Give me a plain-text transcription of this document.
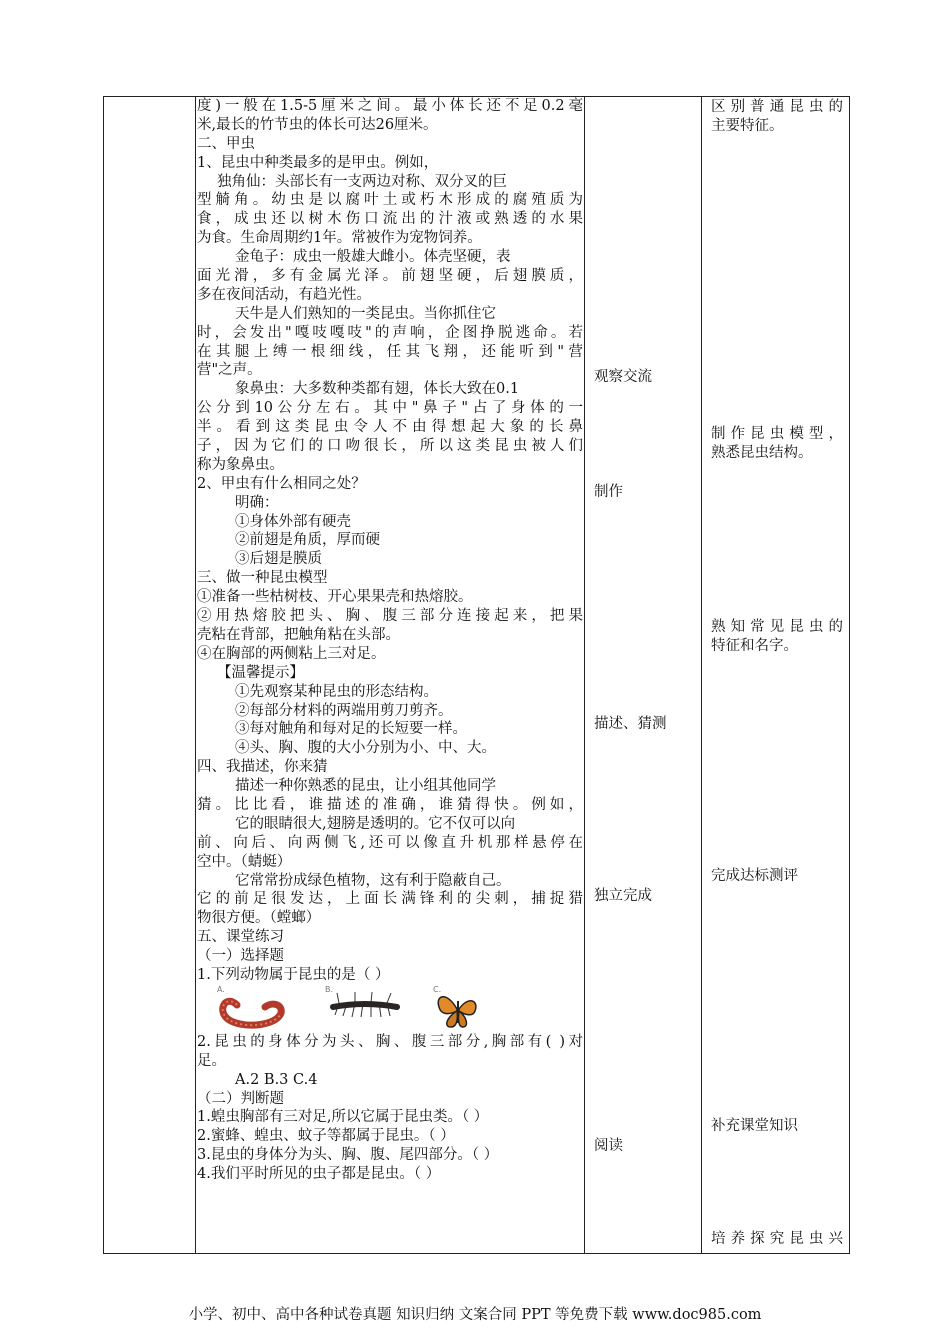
度)一般在1.5-5厘米之间。最小体长还不足0.2毫
米,最长的竹节虫的体长可达26厘米。
二、甲虫
1、昆虫中种类最多的是甲虫。例如，
独角仙：头部长有一支两边对称、双分叉的巨
型觭角。幼虫是以腐叶土或朽木形成的腐殖质为
食，成虫还以树木伤口流出的汁液或熟透的水果
为食。生命周期约1年。常被作为宠物饲养。
金龟子：成虫一般雄大雌小。体壳坚硬，表
面光滑，多有金属光泽。前翅坚硬，后翅膜质，
多在夜间活动，有趋光性。
天牛是人们熟知的一类昆虫。当你抓住它
时，会发出"嘎吱嘎吱"的声响，企图挣脱逃命。若
在其腿上缚一根细线，任其飞翔，还能听到"营
营"之声。
象鼻虫：大多数种类都有翅，体长大致在0.1
公分到10公分左右。其中"鼻子"占了身体的一
半。看到这类昆虫令人不由得想起大象的长鼻
子，因为它们的口吻很长，所以这类昆虫被人们
称为象鼻虫。
2、甲虫有什么相同之处？
明确：
①身体外部有硬壳
②前翅是角质，厚而硬
③后翅是膜质
三、做一种昆虫模型
①准备一些枯树枝、开心果果壳和热熔胶。
②用热熔胶把头、胸、腹三部分连接起来，把果
壳粘在背部，把触角粘在头部。
④在胸部的两侧粘上三对足。
【温馨提示】
①先观察某种昆虫的形态结构。
②每部分材料的两端用剪刀剪齐。
③每对触角和每对足的长短要一样。
④头、胸、腹的大小分别为小、中、大。
四、我描述，你来猜
描述一种你熟悉的昆虫，让小组其他同学
猜。比比看，谁描述的准确，谁猜得快。例如，
它的眼睛很大,翅膀是透明的。它不仅可以向
前、向后、向两侧飞,还可以像直升机那样悬停在
空中。（蜻蜓）
它常常扮成绿色植物，这有利于隐蔽自己。
它的前足很发达，上面长满锋利的尖刺，捕捉猎
物很方便。（螳螂）
五、课堂练习
（一）选择题
1.下列动物属于昆虫的是（ ）
A.	B.	C.
2.昆虫的身体分为头、胸、腹三部分,胸部有( )对
足。
A.2 B.3 C.4
（二）判断题
1.蝗虫胸部有三对足,所以它属于昆虫类。（ ）
2.蜜蜂、蝗虫、蚊子等都属于昆虫。（ ）
3.昆虫的身体分为头、胸、腹、尾四部分。（ ）
4.我们平时所见的虫子都是昆虫。（ ）
观察交流
制作
描述、猜测
独立完成
阅读
区别普通昆虫的
主要特征。
制作昆虫模型，
熟悉昆虫结构。
熟知常见昆虫的
特征和名字。
完成达标测评
补充课堂知识
培养探究昆虫兴
小学、初中、高中各种试卷真题 知识归纳 文案合同 PPT 等免费下载 www.doc985.com
